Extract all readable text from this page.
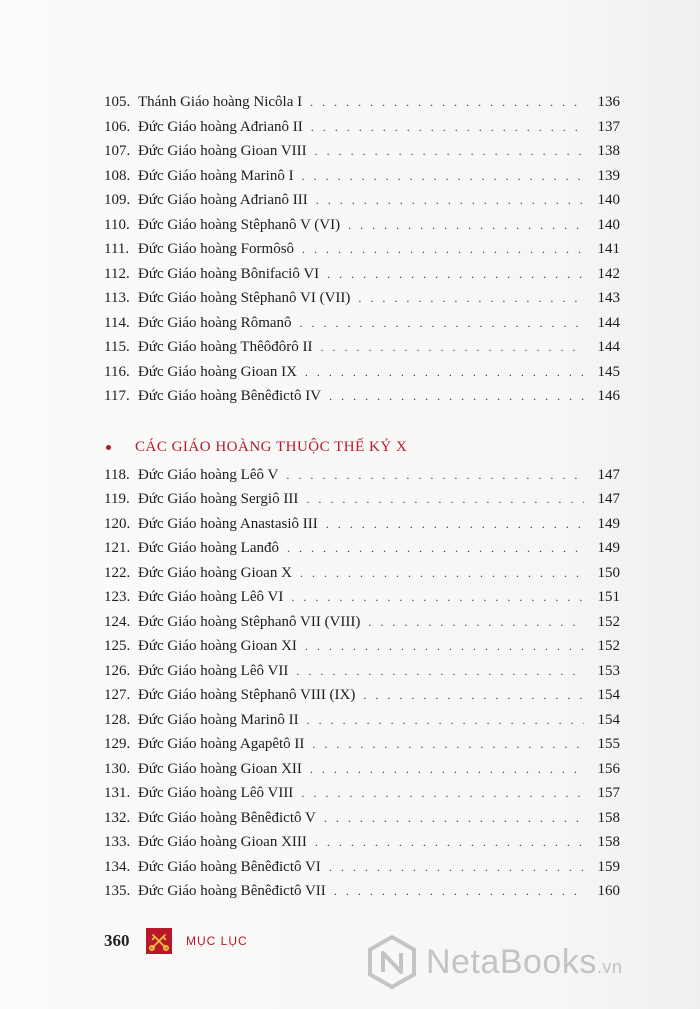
105. Thánh Giáo hoàng Nicôla I . . .	136
106. Đức Giáo hoàng Ađrianô II . . .	137
107. Đức Giáo hoàng Gioan VIII . . .	138
108. Đức Giáo hoàng Marinô I . . .	139
109. Đức Giáo hoàng Ađrianô III . . .	140
110. Đức Giáo hoàng Stêphanô V (VI) . . .	140
111. Đức Giáo hoàng Formôsô . . .	141
112. Đức Giáo hoàng Bônifaciô VI . . .	142
113. Đức Giáo hoàng Stêphanô VI (VII) . . .	143
114. Đức Giáo hoàng Rômanô . . .	144
115. Đức Giáo hoàng Thêôđôrô II . . .	144
116. Đức Giáo hoàng Gioan IX . . .	145
117. Đức Giáo hoàng Bênêđictô IV . . .	146
CÁC GIÁO HOÀNG THUỘC THẾ KỶ X
118. Đức Giáo hoàng Lêô V . . .	147
119. Đức Giáo hoàng Sergiô III . . .	147
120. Đức Giáo hoàng Anastasiô III . . .	149
121. Đức Giáo hoàng Lanđô . . .	149
122. Đức Giáo hoàng Gioan X . . .	150
123. Đức Giáo hoàng Lêô VI . . .	151
124. Đức Giáo hoàng Stêphanô VII (VIII) . . .	152
125. Đức Giáo hoàng Gioan XI . . .	152
126. Đức Giáo hoàng Lêô VII . . .	153
127. Đức Giáo hoàng Stêphanô VIII (IX) . . .	154
128. Đức Giáo hoàng Marinô II . . .	154
129. Đức Giáo hoàng Agapêtô II . . .	155
130. Đức Giáo hoàng Gioan XII . . .	156
131. Đức Giáo hoàng Lêô VIII . . .	157
132. Đức Giáo hoàng Bênêđictô V . . .	158
133. Đức Giáo hoàng Gioan XIII . . .	158
134. Đức Giáo hoàng Bênêđictô VI . . .	159
135. Đức Giáo hoàng Bênêđictô VII . . .	160
360	MỤC LỤC
NetaBooks.vn
